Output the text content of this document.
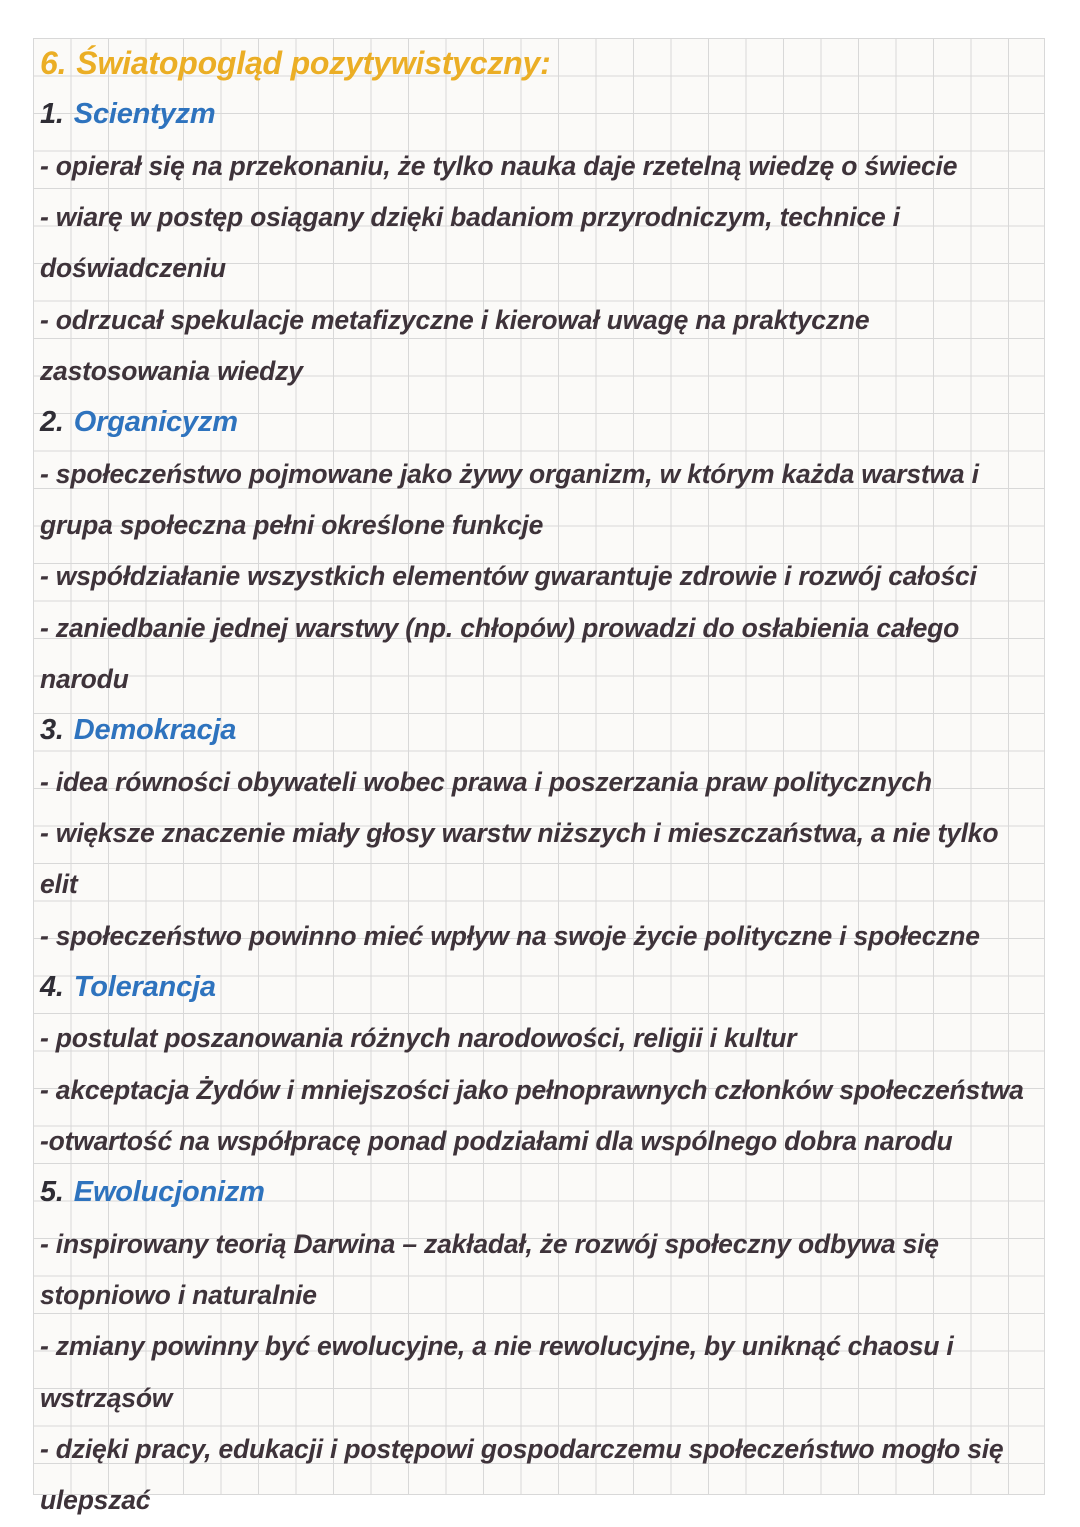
6. Światopogląd pozytywistyczny:
1. Scientyzm
- opierał się na przekonaniu, że tylko nauka daje rzetelną wiedzę o świecie
- wiarę w postęp osiągany dzięki badaniom przyrodniczym, technice i
doświadczeniu
- odrzucał spekulacje metafizyczne i kierował uwagę na praktyczne
zastosowania wiedzy
2. Organicyzm
- społeczeństwo pojmowane jako żywy organizm, w którym każda warstwa i
grupa społeczna pełni określone funkcje
- współdziałanie wszystkich elementów gwarantuje zdrowie i rozwój całości
- zaniedbanie jednej warstwy (np. chłopów) prowadzi do osłabienia całego
narodu
3. Demokracja
- idea równości obywateli wobec prawa i poszerzania praw politycznych
- większe znaczenie miały głosy warstw niższych i mieszczaństwa, a nie tylko
elit
- społeczeństwo powinno mieć wpływ na swoje życie polityczne i społeczne
4. Tolerancja
- postulat poszanowania różnych narodowości, religii i kultur
- akceptacja Żydów i mniejszości jako pełnoprawnych członków społeczeństwa
-otwartość na współpracę ponad podziałami dla wspólnego dobra narodu
5. Ewolucjonizm
- inspirowany teorią Darwina – zakładał, że rozwój społeczny odbywa się
stopniowo i naturalnie
- zmiany powinny być ewolucyjne, a nie rewolucyjne, by uniknąć chaosu i
wstrząsów
- dzięki pracy, edukacji i postępowi gospodarczemu społeczeństwo mogło się
ulepszać
